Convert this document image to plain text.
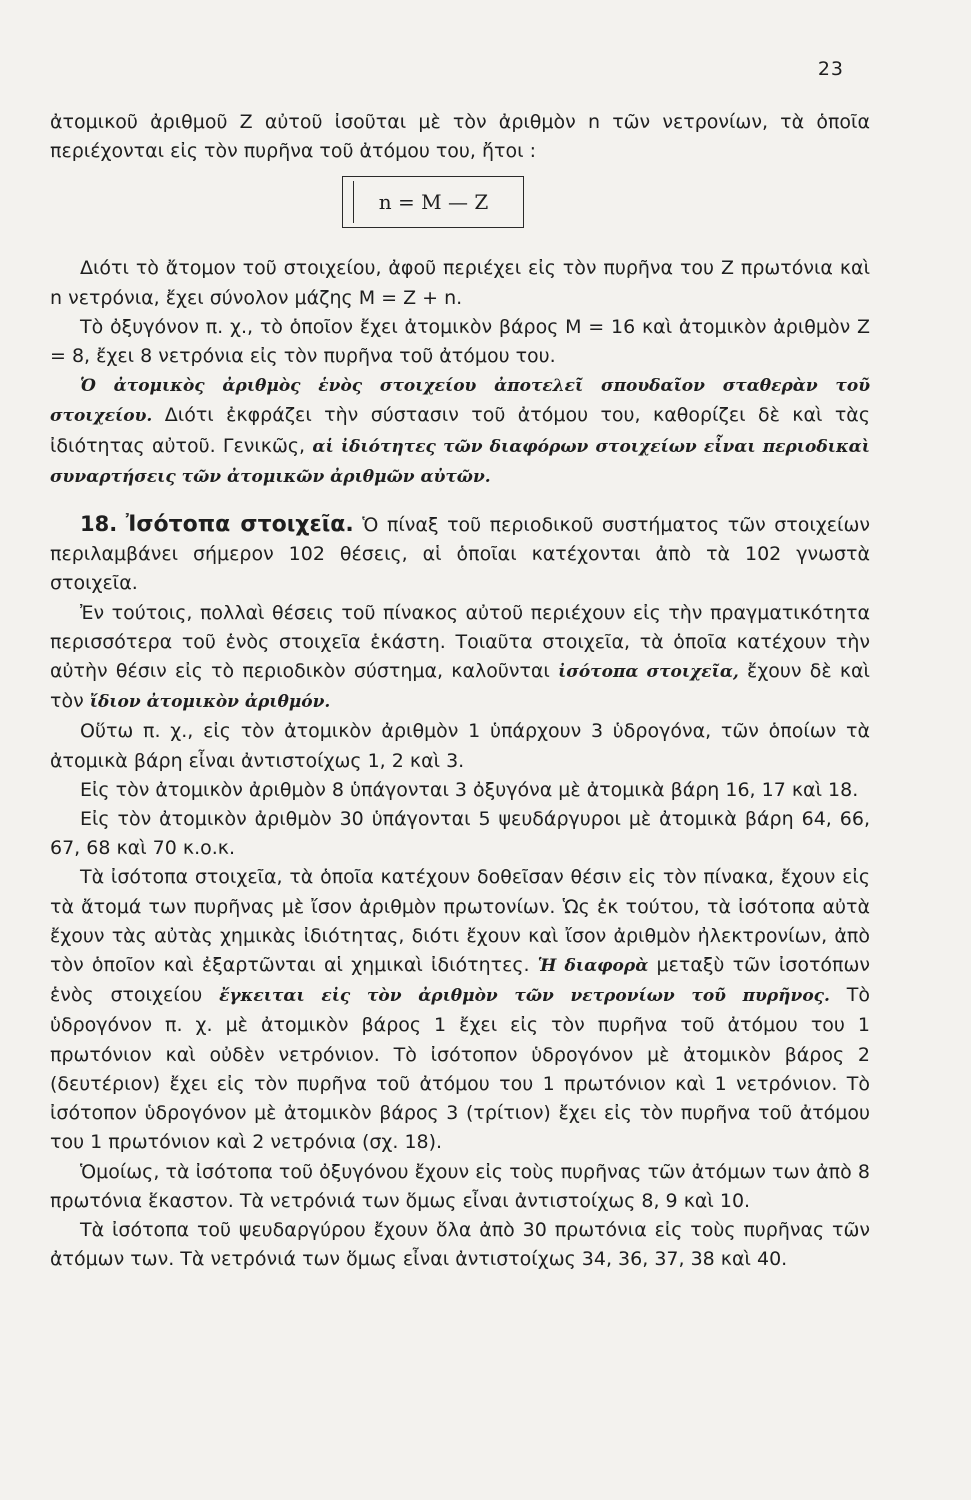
23

ἀτομικοῦ ἀριθμοῦ Z αὐτοῦ ἰσοῦται μὲ τὸν ἀριθμὸν n τῶν νετρονίων, τὰ ὁποῖα περιέχονται εἰς τὸν πυρῆνα τοῦ ἀτόμου του, ἤτοι :

n = M — Z

Διότι τὸ ἄτομον τοῦ στοιχείου, ἀφοῦ περιέχει εἰς τὸν πυρῆνα του Z πρωτόνια καὶ n νετρόνια, ἔχει σύνολον μάζης M = Z + n.

Τὸ ὀξυγόνον π. χ., τὸ ὁποῖον ἔχει ἀτομικὸν βάρος M = 16 καὶ ἀτομικὸν ἀριθμὸν Z = 8, ἔχει 8 νετρόνια εἰς τὸν πυρῆνα τοῦ ἀτόμου του.

Ὁ ἀτομικὸς ἀριθμὸς ἑνὸς στοιχείου ἀποτελεῖ σπουδαῖον σταθερὰν τοῦ στοιχείου. Διότι ἐκφράζει τὴν σύστασιν τοῦ ἀτόμου του, καθορίζει δὲ καὶ τὰς ἰδιότητας αὐτοῦ. Γενικῶς, αἱ ἰδιότητες τῶν διαφόρων στοιχείων εἶναι περιοδικαὶ συναρτήσεις τῶν ἀτομικῶν ἀριθμῶν αὐτῶν.

18. Ἰσότοπα στοιχεῖα. Ὁ πίναξ τοῦ περιοδικοῦ συστήματος τῶν στοιχείων περιλαμβάνει σήμερον 102 θέσεις, αἱ ὁποῖαι κατέχονται ἀπὸ τὰ 102 γνωστὰ στοιχεῖα.

Ἐν τούτοις, πολλαὶ θέσεις τοῦ πίνακος αὐτοῦ περιέχουν εἰς τὴν πραγματικότητα περισσότερα τοῦ ἑνὸς στοιχεῖα ἑκάστη. Τοιαῦτα στοιχεῖα, τὰ ὁποῖα κατέχουν τὴν αὐτὴν θέσιν εἰς τὸ περιοδικὸν σύστημα, καλοῦνται ἰσότοπα στοιχεῖα, ἔχουν δὲ καὶ τὸν ἴδιον ἀτομικὸν ἀριθμόν.

Οὕτω π. χ., εἰς τὸν ἀτομικὸν ἀριθμὸν 1 ὑπάρχουν 3 ὑδρογόνα, τῶν ὁποίων τὰ ἀτομικὰ βάρη εἶναι ἀντιστοίχως 1, 2 καὶ 3.

Εἰς τὸν ἀτομικὸν ἀριθμὸν 8 ὑπάγονται 3 ὀξυγόνα μὲ ἀτομικὰ βάρη 16, 17 καὶ 18.

Εἰς τὸν ἀτομικὸν ἀριθμὸν 30 ὑπάγονται 5 ψευδάργυροι μὲ ἀτομικὰ βάρη 64, 66, 67, 68 καὶ 70 κ.ο.κ.

Τὰ ἰσότοπα στοιχεῖα, τὰ ὁποῖα κατέχουν δοθεῖσαν θέσιν εἰς τὸν πίνακα, ἔχουν εἰς τὰ ἄτομά των πυρῆνας μὲ ἴσον ἀριθμὸν πρωτονίων. Ὡς ἐκ τούτου, τὰ ἰσότοπα αὐτὰ ἔχουν τὰς αὐτὰς χημικὰς ἰδιότητας, διότι ἔχουν καὶ ἴσον ἀριθμὸν ἠλεκτρονίων, ἀπὸ τὸν ὁποῖον καὶ ἐξαρτῶνται αἱ χημικαὶ ἰδιότητες. Ἡ διαφορὰ μεταξὺ τῶν ἰσοτόπων ἑνὸς στοιχείου ἔγκειται εἰς τὸν ἀριθμὸν τῶν νετρονίων τοῦ πυρῆνος. Τὸ ὑδρογόνον π. χ. μὲ ἀτομικὸν βάρος 1 ἔχει εἰς τὸν πυρῆνα τοῦ ἀτόμου του 1 πρωτόνιον καὶ οὐδὲν νετρόνιον. Τὸ ἰσότοπον ὑδρογόνον μὲ ἀτομικὸν βάρος 2 (δευτέριον) ἔχει εἰς τὸν πυρῆνα τοῦ ἀτόμου του 1 πρωτόνιον καὶ 1 νετρόνιον. Τὸ ἰσότοπον ὑδρογόνον μὲ ἀτομικὸν βάρος 3 (τρίτιον) ἔχει εἰς τὸν πυρῆνα τοῦ ἀτόμου του 1 πρωτόνιον καὶ 2 νετρόνια (σχ. 18).

Ὁμοίως, τὰ ἰσότοπα τοῦ ὀξυγόνου ἔχουν εἰς τοὺς πυρῆνας τῶν ἀτόμων των ἀπὸ 8 πρωτόνια ἕκαστον. Τὰ νετρόνιά των ὅμως εἶναι ἀντιστοίχως 8, 9 καὶ 10.

Τὰ ἰσότοπα τοῦ ψευδαργύρου ἔχουν ὅλα ἀπὸ 30 πρωτόνια εἰς τοὺς πυρῆνας τῶν ἀτόμων των. Τὰ νετρόνιά των ὅμως εἶναι ἀντιστοίχως 34, 36, 37, 38 καὶ 40.
